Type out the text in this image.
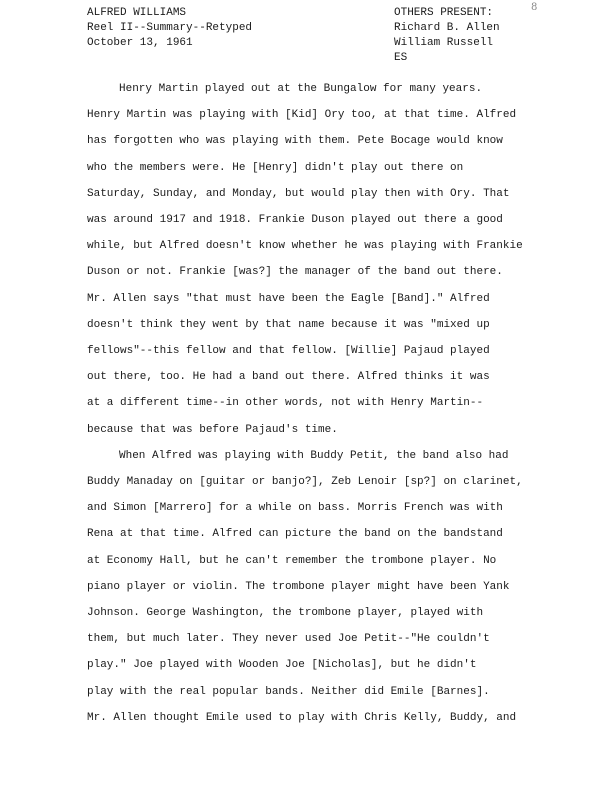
ALFRED WILLIAMS
Reel II--Summary--Retyped
October 13, 1961
OTHERS PRESENT:
Richard B. Allen
William Russell
ES
8
Henry Martin played out at the Bungalow for many years.
Henry Martin was playing with [Kid] Ory too, at that time. Alfred
has forgotten who was playing with them. Pete Bocage would know
who the members were. He [Henry] didn't play out there on
Saturday, Sunday, and Monday, but would play then with Ory. That
was around 1917 and 1918. Frankie Duson played out there a good
while, but Alfred doesn't know whether he was playing with Frankie
Duson or not. Frankie [was?] the manager of the band out there.
Mr. Allen says "that must have been the Eagle [Band]." Alfred
doesn't think they went by that name because it was "mixed up
fellows"--this fellow and that fellow. [Willie] Pajaud played
out there, too. He had a band out there. Alfred thinks it was
at a different time--in other words, not with Henry Martin--
because that was before Pajaud's time.
When Alfred was playing with Buddy Petit, the band also had
Buddy Manaday on [guitar or banjo?], Zeb Lenoir [sp?] on clarinet,
and Simon [Marrero] for a while on bass. Morris French was with
Rena at that time. Alfred can picture the band on the bandstand
at Economy Hall, but he can't remember the trombone player. No
piano player or violin. The trombone player might have been Yank
Johnson. George Washington, the trombone player, played with
them, but much later. They never used Joe Petit--"He couldn't
play." Joe played with Wooden Joe [Nicholas], but he didn't
play with the real popular bands. Neither did Emile [Barnes].
Mr. Allen thought Emile used to play with Chris Kelly, Buddy, and
